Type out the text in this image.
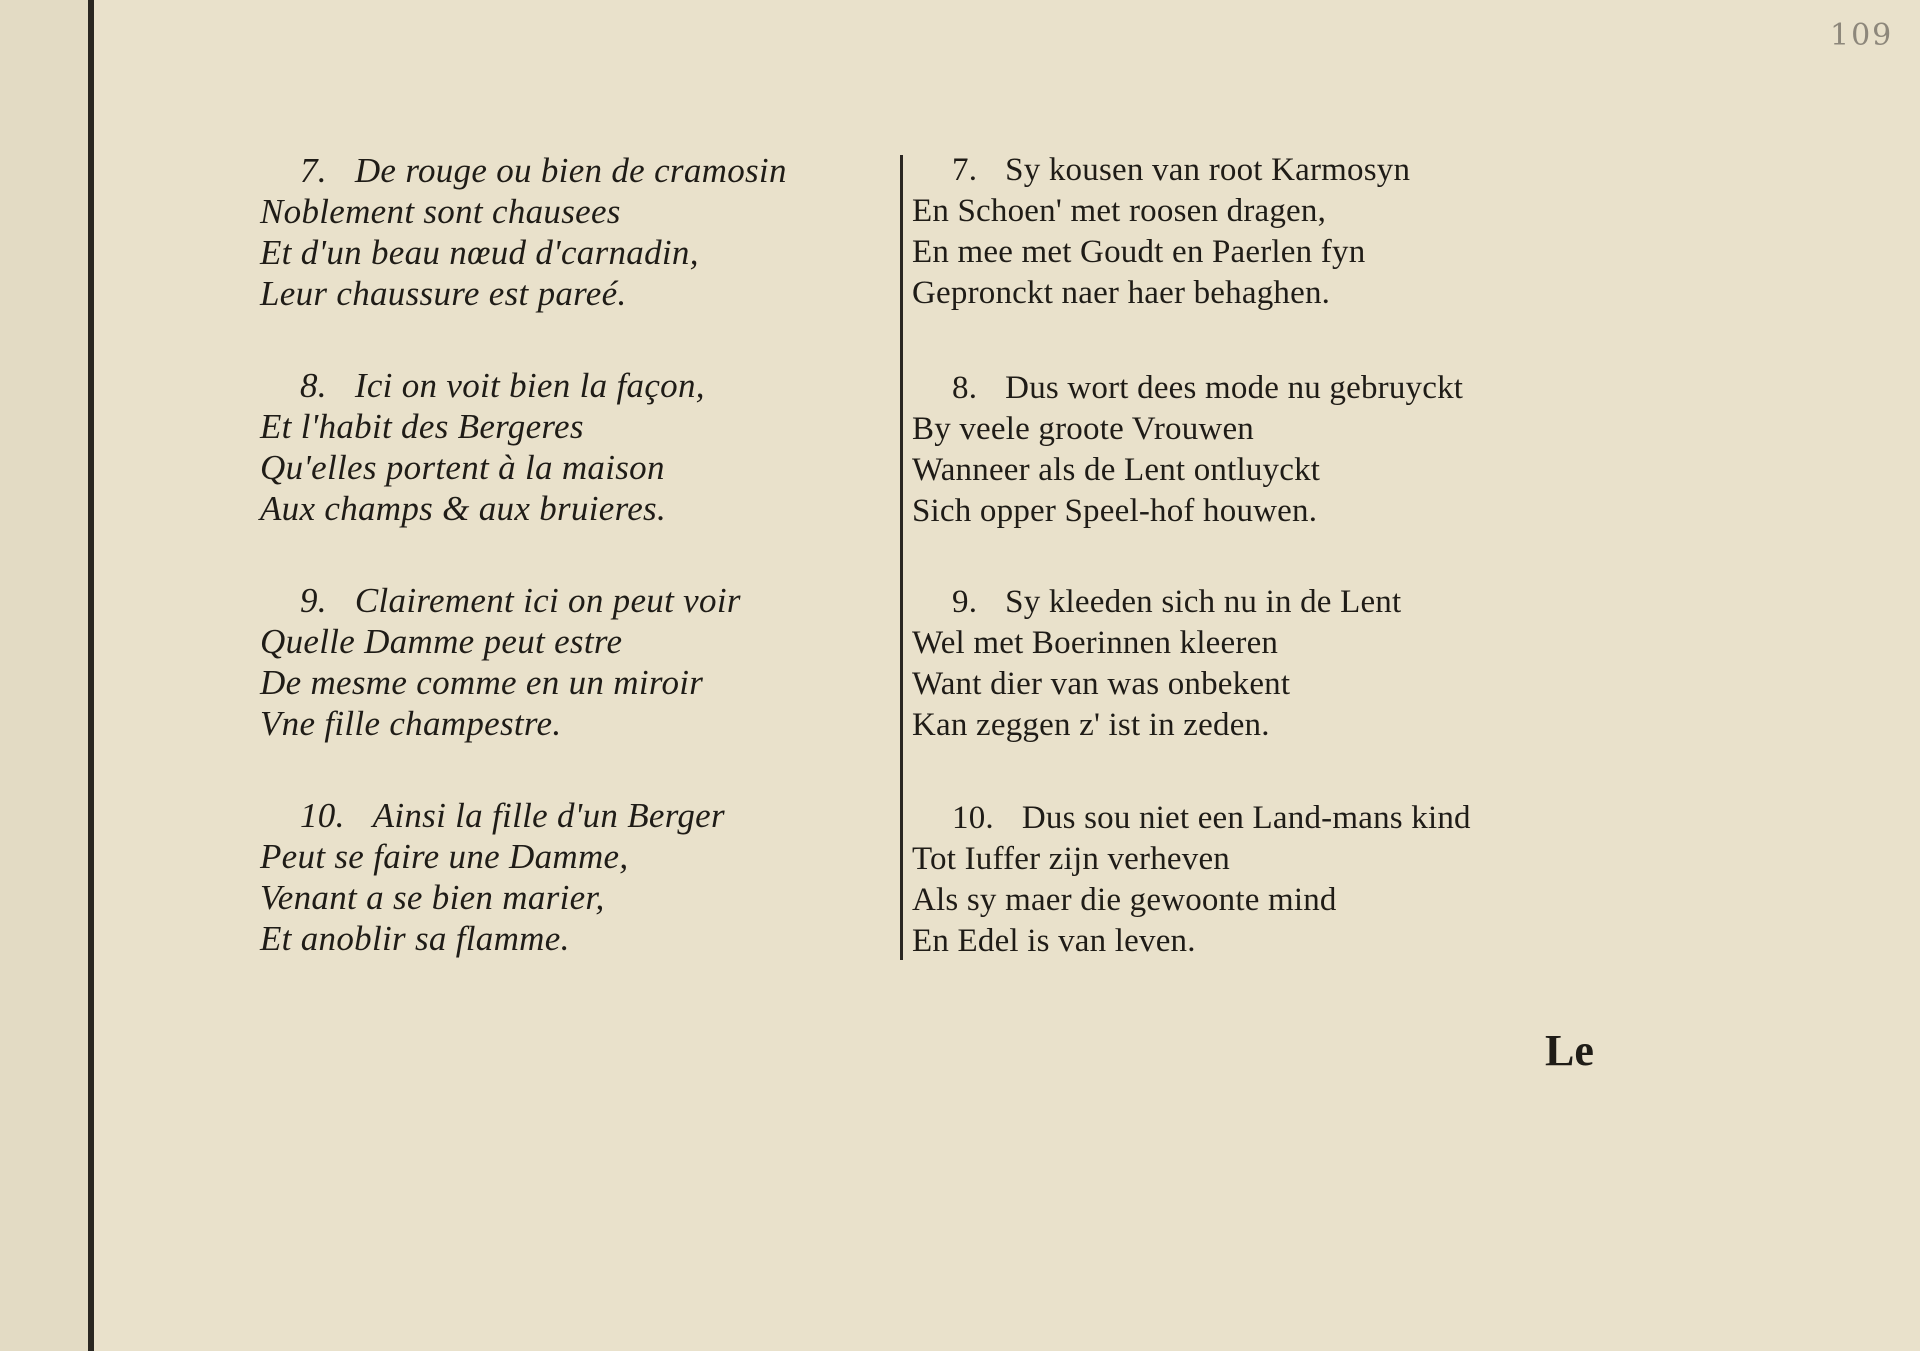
109
7. De rouge ou bien de cramosin
Noblement sont chausees
Et d'un beau nœud d'carnadin,
Leur chaussure est pareé.
8. Ici on voit bien la façon,
Et l'habit des Bergeres
Qu'elles portent à la maison
Aux champs & aux bruieres.
9. Clairement ici on peut voir
Quelle Damme peut estre
De mesme comme en un miroir
Vne fille champestre.
10. Ainsi la fille d'un Berger
Peut se faire une Damme,
Venant a se bien marier,
Et anoblir sa flamme.
7. Sy kousen van root Karmosyn
En Schoen' met roosen dragen,
En mee met Goudt en Paerlen fyn
Gepronckt naer haer behaghen.
8. Dus wort dees mode nu gebruyckt
By veele groote Vrouwen
Wanneer als de Lent ontluyckt
Sich opper Speel-hof houwen.
9. Sy kleeden sich nu in de Lent
Wel met Boerinnen kleeren
Want dier van was onbekent
Kan zeggen z' ist in zeden.
10. Dus sou niet een Land-mans kind
Tot Iuffer zijn verheven
Als sy maer die gewoonte mind
En Edel is van leven.
Le
